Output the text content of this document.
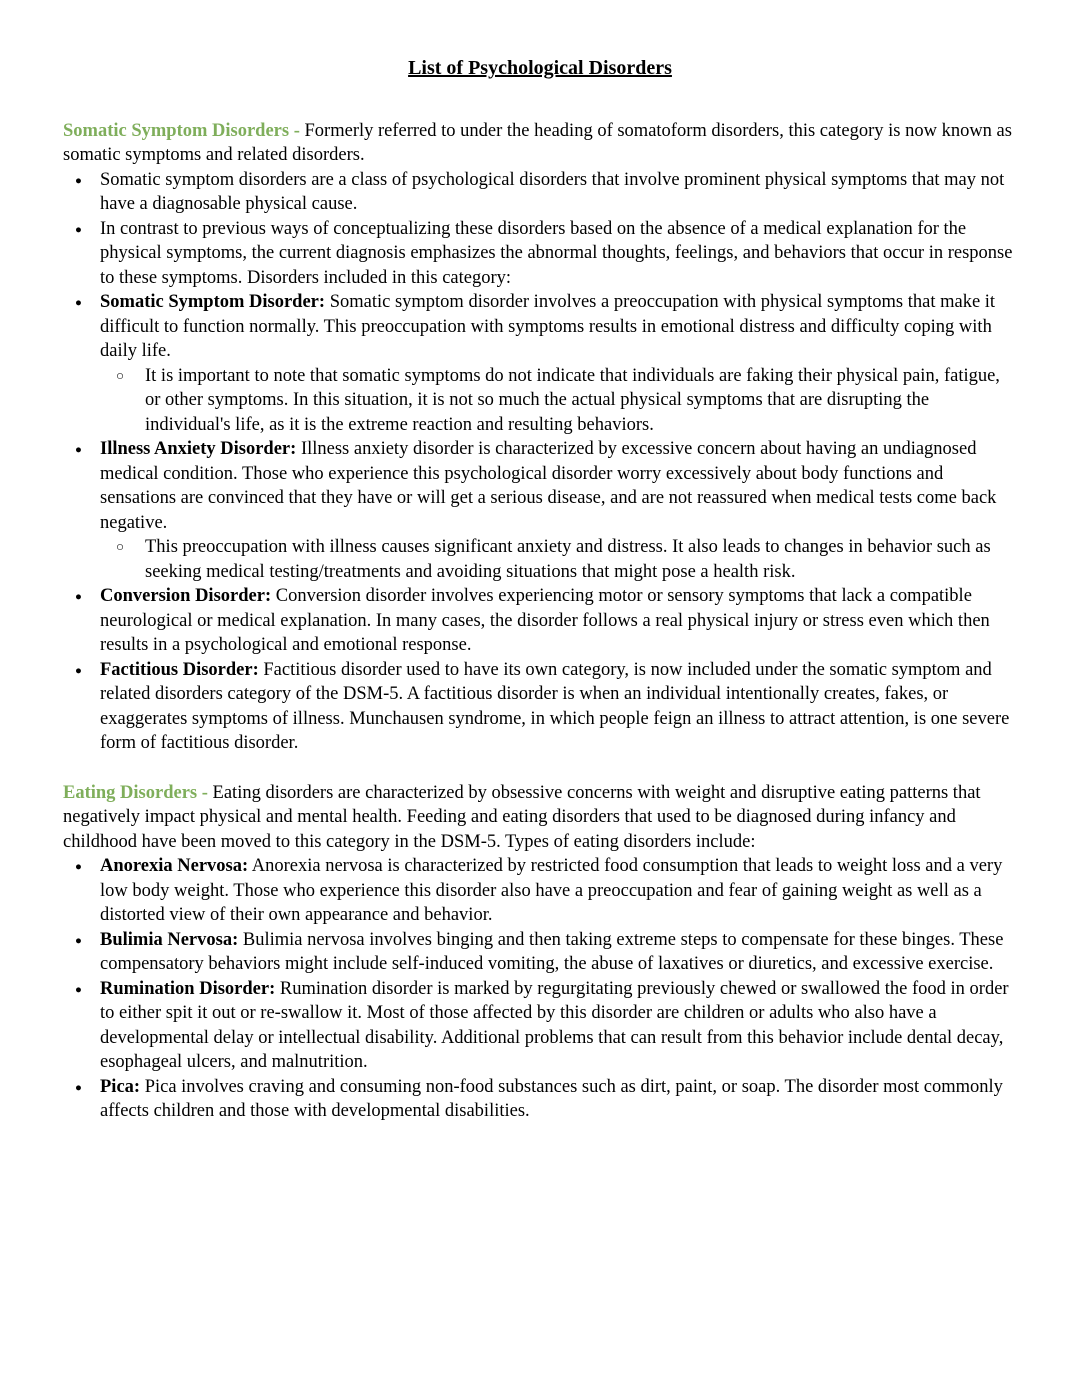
List of Psychological Disorders

Somatic Symptom Disorders - Formerly referred to under the heading of somatoform disorders, this category is now known as somatic symptoms and related disorders.

● Somatic symptom disorders are a class of psychological disorders that involve prominent physical symptoms that may not have a diagnosable physical cause.
● In contrast to previous ways of conceptualizing these disorders based on the absence of a medical explanation for the physical symptoms, the current diagnosis emphasizes the abnormal thoughts, feelings, and behaviors that occur in response to these symptoms. Disorders included in this category:
● Somatic Symptom Disorder: Somatic symptom disorder involves a preoccupation with physical symptoms that make it difficult to function normally. This preoccupation with symptoms results in emotional distress and difficulty coping with daily life.
○ It is important to note that somatic symptoms do not indicate that individuals are faking their physical pain, fatigue, or other symptoms. In this situation, it is not so much the actual physical symptoms that are disrupting the individual's life, as it is the extreme reaction and resulting behaviors.
● Illness Anxiety Disorder: Illness anxiety disorder is characterized by excessive concern about having an undiagnosed medical condition. Those who experience this psychological disorder worry excessively about body functions and sensations are convinced that they have or will get a serious disease, and are not reassured when medical tests come back negative.
○ This preoccupation with illness causes significant anxiety and distress. It also leads to changes in behavior such as seeking medical testing/treatments and avoiding situations that might pose a health risk.
● Conversion Disorder: Conversion disorder involves experiencing motor or sensory symptoms that lack a compatible neurological or medical explanation. In many cases, the disorder follows a real physical injury or stress even which then results in a psychological and emotional response.
● Factitious Disorder: Factitious disorder used to have its own category, is now included under the somatic symptom and related disorders category of the DSM-5. A factitious disorder is when an individual intentionally creates, fakes, or exaggerates symptoms of illness. Munchausen syndrome, in which people feign an illness to attract attention, is one severe form of factitious disorder.

Eating Disorders - Eating disorders are characterized by obsessive concerns with weight and disruptive eating patterns that negatively impact physical and mental health. Feeding and eating disorders that used to be diagnosed during infancy and childhood have been moved to this category in the DSM-5. Types of eating disorders include:

● Anorexia Nervosa: Anorexia nervosa is characterized by restricted food consumption that leads to weight loss and a very low body weight. Those who experience this disorder also have a preoccupation and fear of gaining weight as well as a distorted view of their own appearance and behavior.
● Bulimia Nervosa: Bulimia nervosa involves binging and then taking extreme steps to compensate for these binges. These compensatory behaviors might include self-induced vomiting, the abuse of laxatives or diuretics, and excessive exercise.
● Rumination Disorder: Rumination disorder is marked by regurgitating previously chewed or swallowed the food in order to either spit it out or re-swallow it. Most of those affected by this disorder are children or adults who also have a developmental delay or intellectual disability. Additional problems that can result from this behavior include dental decay, esophageal ulcers, and malnutrition.
● Pica: Pica involves craving and consuming non-food substances such as dirt, paint, or soap. The disorder most commonly affects children and those with developmental disabilities.
